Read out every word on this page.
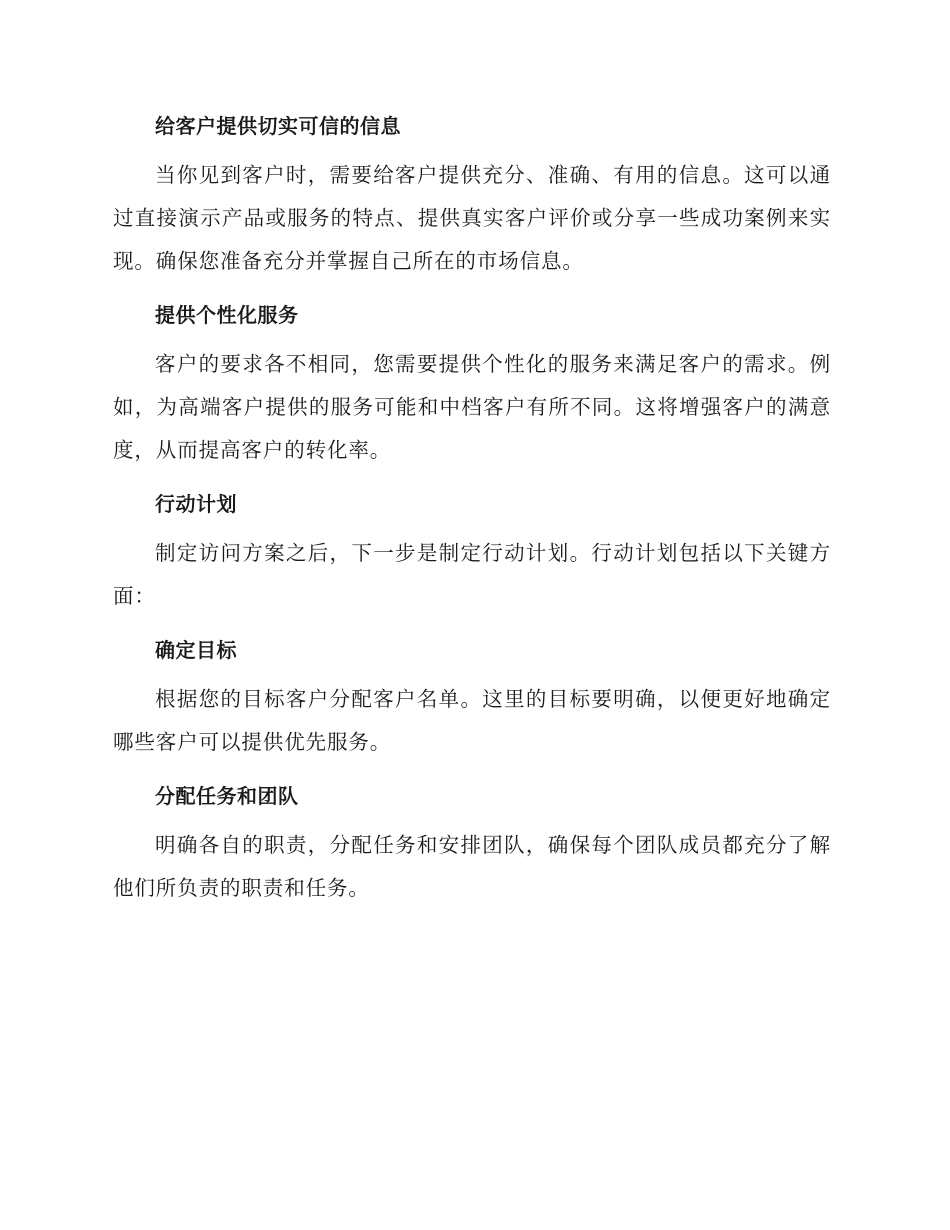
给客户提供切实可信的信息
当你见到客户时，需要给客户提供充分、准确、有用的信息。这可以通过直接演示产品或服务的特点、提供真实客户评价或分享一些成功案例来实现。确保您准备充分并掌握自己所在的市场信息。
提供个性化服务
客户的要求各不相同，您需要提供个性化的服务来满足客户的需求。例如，为高端客户提供的服务可能和中档客户有所不同。这将增强客户的满意度，从而提高客户的转化率。
行动计划
制定访问方案之后，下一步是制定行动计划。行动计划包括以下关键方面：
确定目标
根据您的目标客户分配客户名单。这里的目标要明确，以便更好地确定哪些客户可以提供优先服务。
分配任务和团队
明确各自的职责，分配任务和安排团队，确保每个团队成员都充分了解他们所负责的职责和任务。
